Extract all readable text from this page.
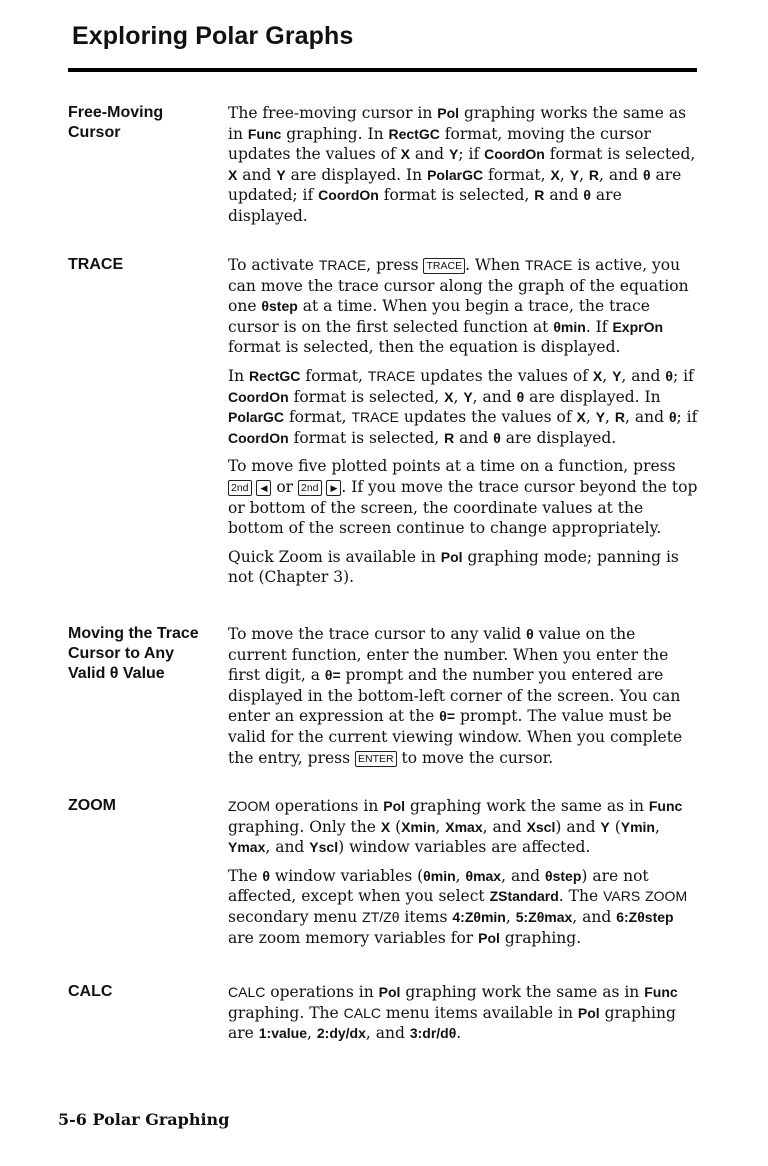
Exploring Polar Graphs
Free-Moving
Cursor

The free-moving cursor in Pol graphing works the same as in Func graphing. In RectGC format, moving the cursor updates the values of X and Y; if CoordOn format is selected, X and Y are displayed. In PolarGC format, X, Y, R, and θ are updated; if CoordOn format is selected, R and θ are displayed.

TRACE	To activate TRACE, press TRACE . When TRACE is active, you can move the trace cursor along the graph of the equation one θstep at a time. When you begin a trace, the trace cursor is on the first selected function at θmin. If ExprOn format is selected, then the equation is displayed.

In RectGC format, TRACE updates the values of X, Y, and θ; if CoordOn format is selected, X, Y, and θ are displayed. In PolarGC format, TRACE updates the values of X, Y, R, and θ; if CoordOn format is selected, R and θ are displayed.

To move five plotted points at a time on a function, press 2nd ◀ or 2nd ▶ . If you move the trace cursor beyond the top or bottom of the screen, the coordinate values at the bottom of the screen continue to change appropriately.

Quick Zoom is available in Pol graphing mode; panning is not (Chapter 3).

Moving the Trace
Cursor to Any
Valid θ Value

To move the trace cursor to any valid θ value on the current function, enter the number. When you enter the first digit, a θ= prompt and the number you entered are displayed in the bottom-left corner of the screen. You can enter an expression at the θ= prompt. The value must be valid for the current viewing window. When you complete the entry, press ENTER to move the cursor.

ZOOM	ZOOM operations in Pol graphing work the same as in Func graphing. Only the X (Xmin, Xmax, and Xscl) and Y (Ymin, Ymax, and Yscl) window variables are affected.

The θ window variables (θmin, θmax, and θstep) are not affected, except when you select ZStandard. The VARS ZOOM secondary menu ZT/Zθ items 4:Zθmin, 5:Zθmax, and 6:Zθstep are zoom memory variables for Pol graphing.

CALC	CALC operations in Pol graphing work the same as in Func graphing. The CALC menu items available in Pol graphing are 1:value, 2:dy/dx, and 3:dr/dθ.

5-6 Polar Graphing
